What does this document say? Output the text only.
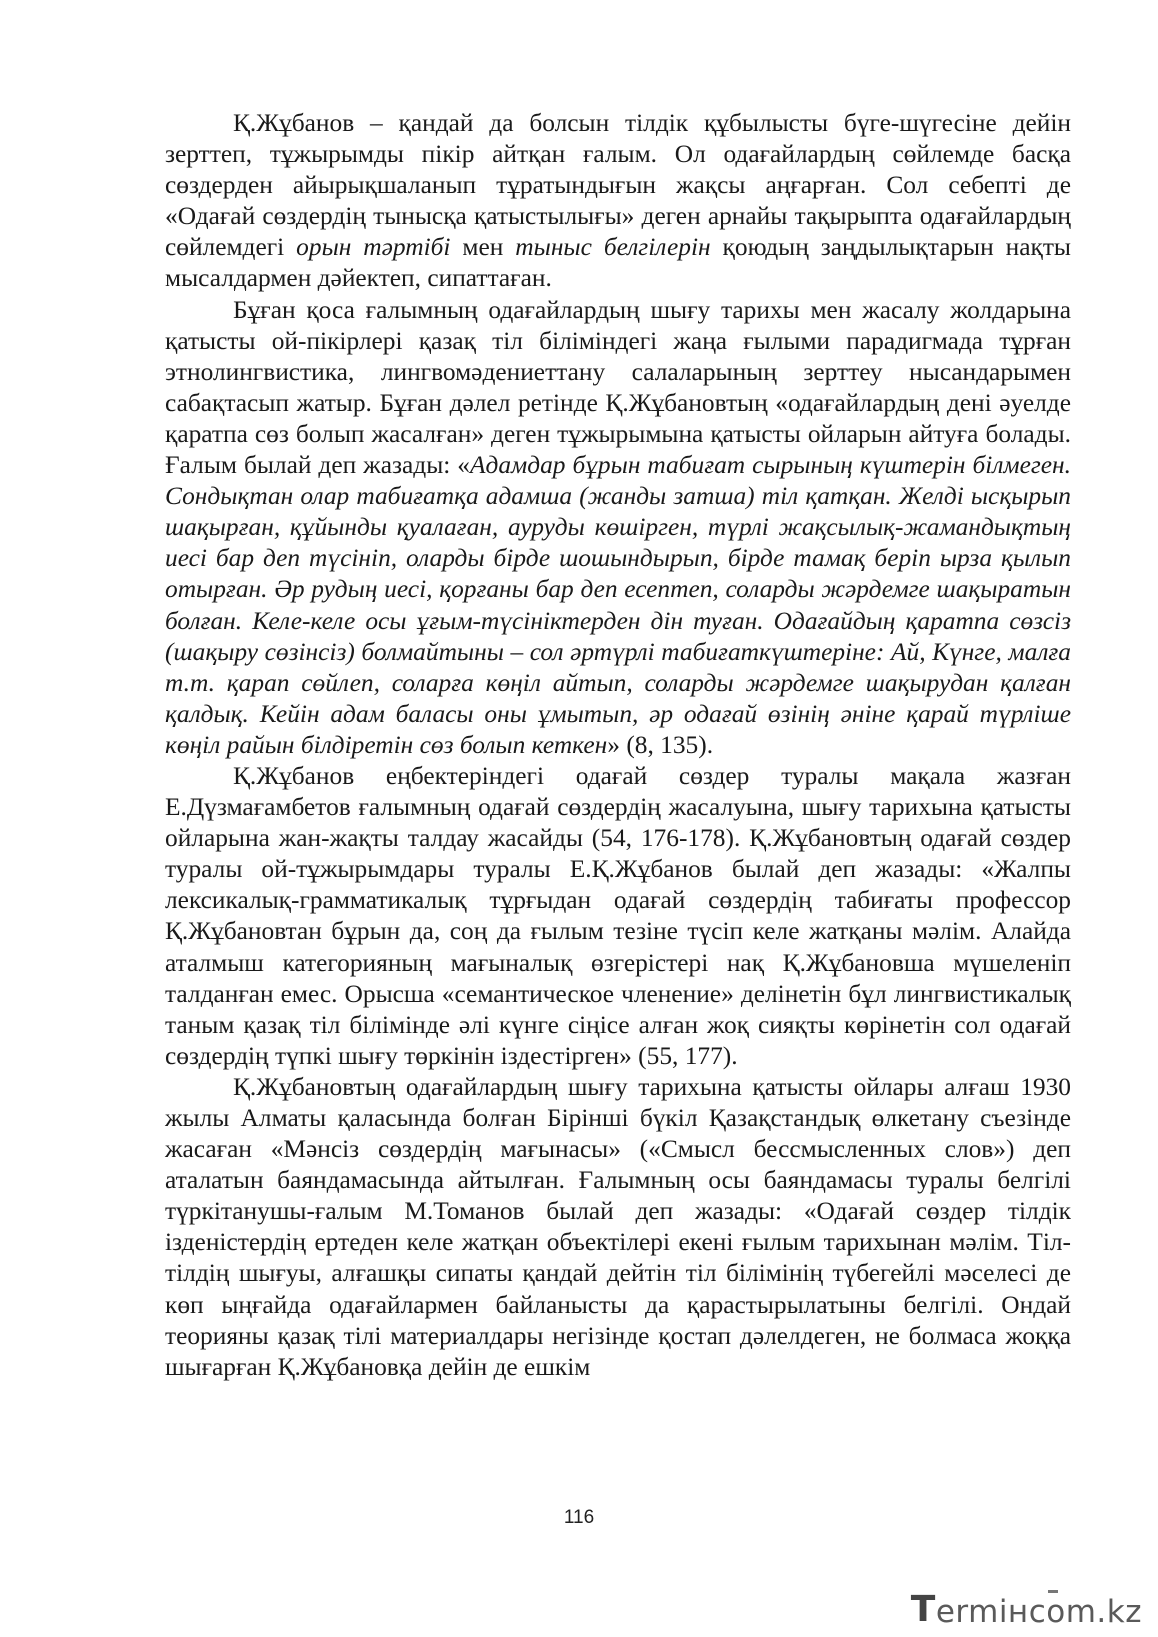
Қ.Жұбанов – қандай да болсын тілдік құбылысты бүге-шүгесіне дейін зерттеп, тұжырымды пікір айтқан ғалым. Ол одағайлардың сөйлемде басқа сөздерден айырықшаланып тұратындығын жақсы аңғарған. Сол себепті де «Одағай сөздердің тынысқа қатыстылығы» деген арнайы тақырыпта одағайлардың сөйлемдегі орын тәртібі мен тыныс белгілерін қоюдың заңдылықтарын нақты мысалдармен дәйектеп, сипаттаған.

Бұған қоса ғалымның одағайлардың шығу тарихы мен жасалу жолдарына қатысты ой-пікірлері қазақ тіл біліміндегі жаңа ғылыми парадигмада тұрған этнолингвистика, лингвомәдениеттану салаларының зерттеу нысандарымен сабақтасып жатыр. Бұған дәлел ретінде Қ.Жұбановтың «одағайлардың дені әуелде қаратпа сөз болып жасалған» деген тұжырымына қатысты ойларын айтуға болады. Ғалым былай деп жазады: «Адамдар бұрын табиғат сырының күштерін білмеген. Сондықтан олар табиғатқа адамша (жанды затша) тіл қатқан. Желді ысқырып шақырған, құйынды қуалаған, ауруды көшірген, түрлі жақсылық-жамандықтың иесі бар деп түсініп, оларды бірде шошындырып, бірде тамақ беріп ырза қылып отырған. Әр рудың иесі, қорғаны бар деп есептеп, соларды жәрдемге шақыратын болған. Келе-келе осы ұғым-түсініктерден дін туған. Одағайдың қаратпа сөзсіз (шақыру сөзінсіз) болмайтыны – сол әртүрлі табиғаткүштеріне: Ай, Күнге, малға т.т. қарап сөйлеп, соларға көңіл айтып, соларды жәрдемге шақырудан қалған қалдық. Кейін адам баласы оны ұмытып, әр одағай өзінің әніне қарай түрліше көңіл райын білдіретін сөз болып кеткен» (8, 135).

Қ.Жұбанов еңбектеріндегі одағай сөздер туралы мақала жазған Е.Дүзмағамбетов ғалымның одағай сөздердің жасалуына, шығу тарихына қатысты ойларына жан-жақты талдау жасайды (54, 176-178). Қ.Жұбановтың одағай сөздер туралы ой-тұжырымдары туралы Е.Қ.Жұбанов былай деп жазады: «Жалпы лексикалық-грамматикалық тұрғыдан одағай сөздердің табиғаты профессор Қ.Жұбановтан бұрын да, соң да ғылым тезіне түсіп келе жатқаны мәлім. Алайда аталмыш категорияның мағыналық өзгерістері нақ Қ.Жұбановша мүшеленіп талданған емес. Орысша «семантическое членение» делінетін бұл лингвистикалық таным қазақ тіл білімінде әлі күнге сіңісе алған жоқ сияқты көрінетін сол одағай сөздердің түпкі шығу төркінін іздестірген» (55, 177).

Қ.Жұбановтың одағайлардың шығу тарихына қатысты ойлары алғаш 1930 жылы Алматы қаласында болған Бірінші бүкіл Қазақстандық өлкетану съезінде жасаған «Мәнсіз сөздердің мағынасы» («Смысл бессмысленных слов») деп аталатын баяндамасында айтылған. Ғалымның осы баяндамасы туралы белгілі түркітанушы-ғалым М.Томанов былай деп жазады: «Одағай сөздер тілдік ізденістердің ертеден келе жатқан объектілері екені ғылым тарихынан мәлім. Тіл-тілдің шығуы, алғашқы сипаты қандай дейтін тіл білімінің түбегейлі мәселесі де көп ыңғайда одағайлармен байланысты да қарастырылатыны белгілі. Ондай теорияны қазақ тілі материалдары негізінде қостап дәлелдеген, не болмаса жоққа шығарған Қ.Жұбановқа дейін де ешкім

116
T ermінс о m.kz
